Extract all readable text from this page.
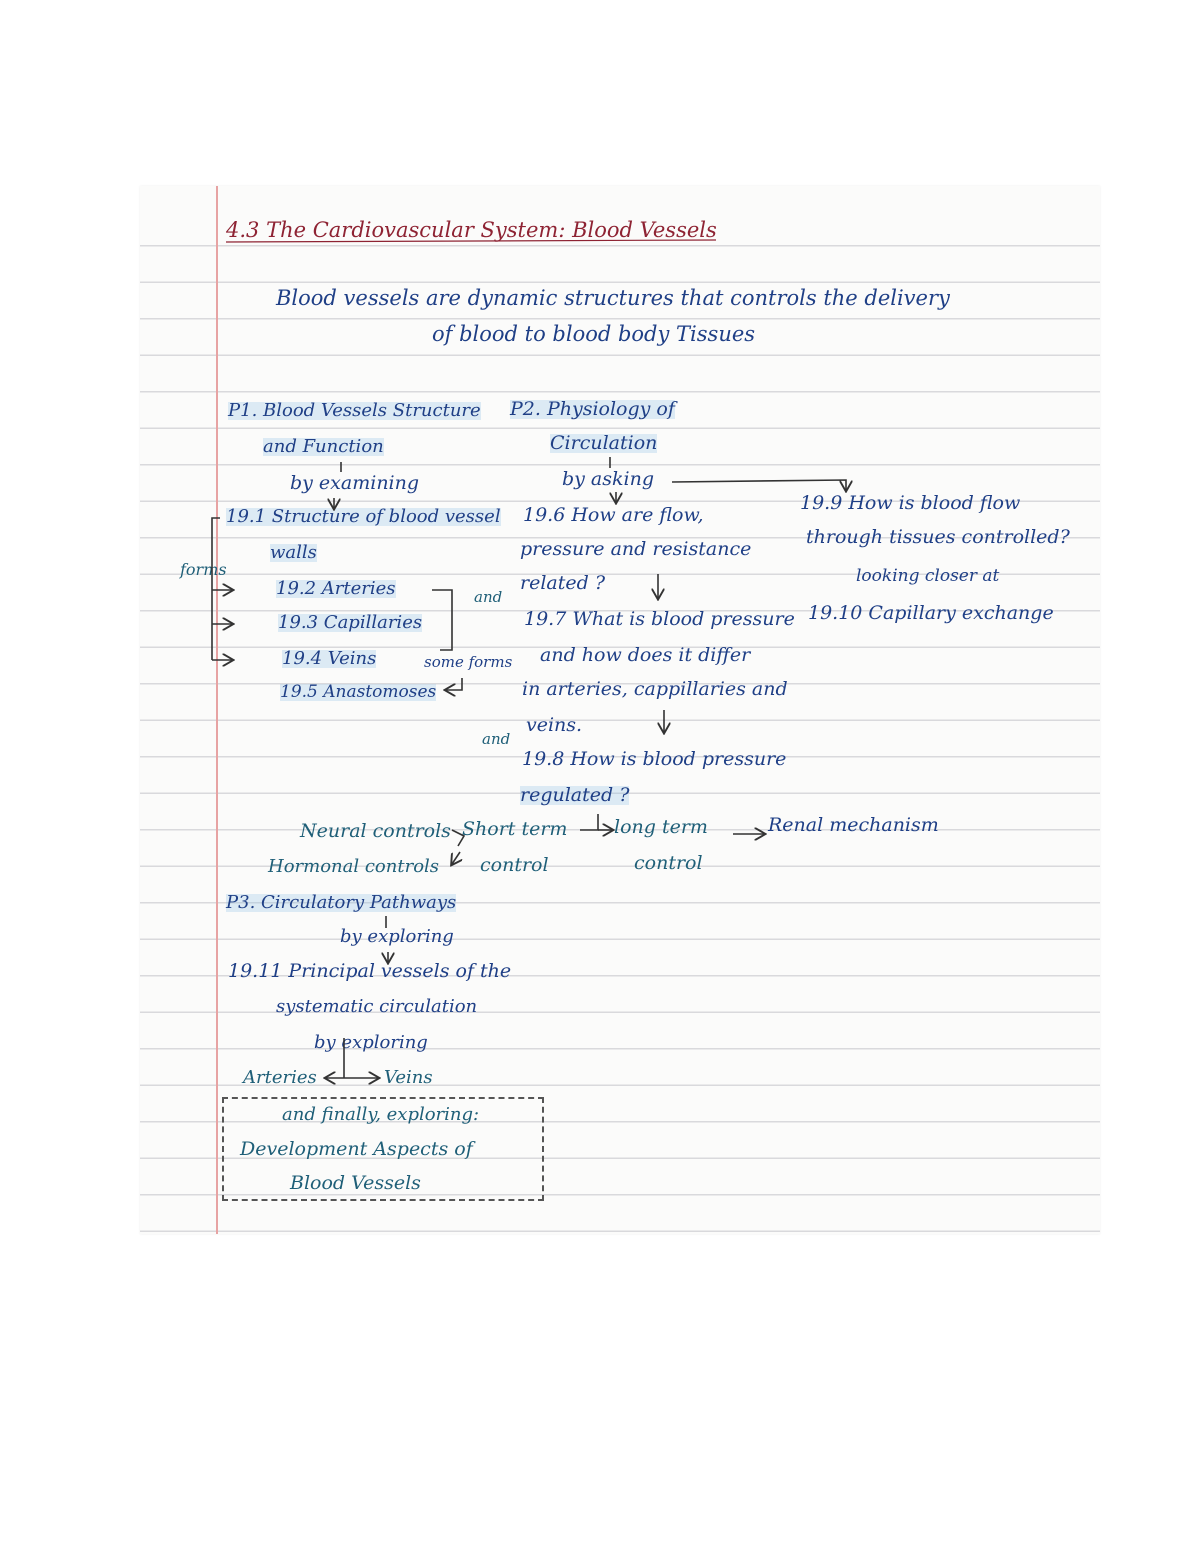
4.3 The Cardiovascular System: Blood Vessels
Blood vessels are dynamic structures that controls the delivery
of blood to blood body Tissues
P1. Blood Vessels Structure
and Function
by examining
forms
19.1 Structure of blood vessel
walls
19.2 Arteries
19.3 Capillaries
19.4 Veins	some forms
19.5 Anastomoses
P2. Physiology of
Circulation
by asking
19.6 How are flow,
pressure and resistance
related ?
and
19.7 What is blood pressure
and how does it differ
in arteries, cappillaries and
veins.
and
19.8 How is blood pressure
regulated ?
19.9 How is blood flow
through tissues controlled?
looking closer at
19.10 Capillary exchange
Neural controls
Hormonal controls
Short term
control
long term
control
Renal mechanism
P3. Circulatory Pathways
by exploring
19.11 Principal vessels of the
systematic circulation
by exploring
Arteries	Veins
and finally, exploring:
Development Aspects of
Blood Vessels
